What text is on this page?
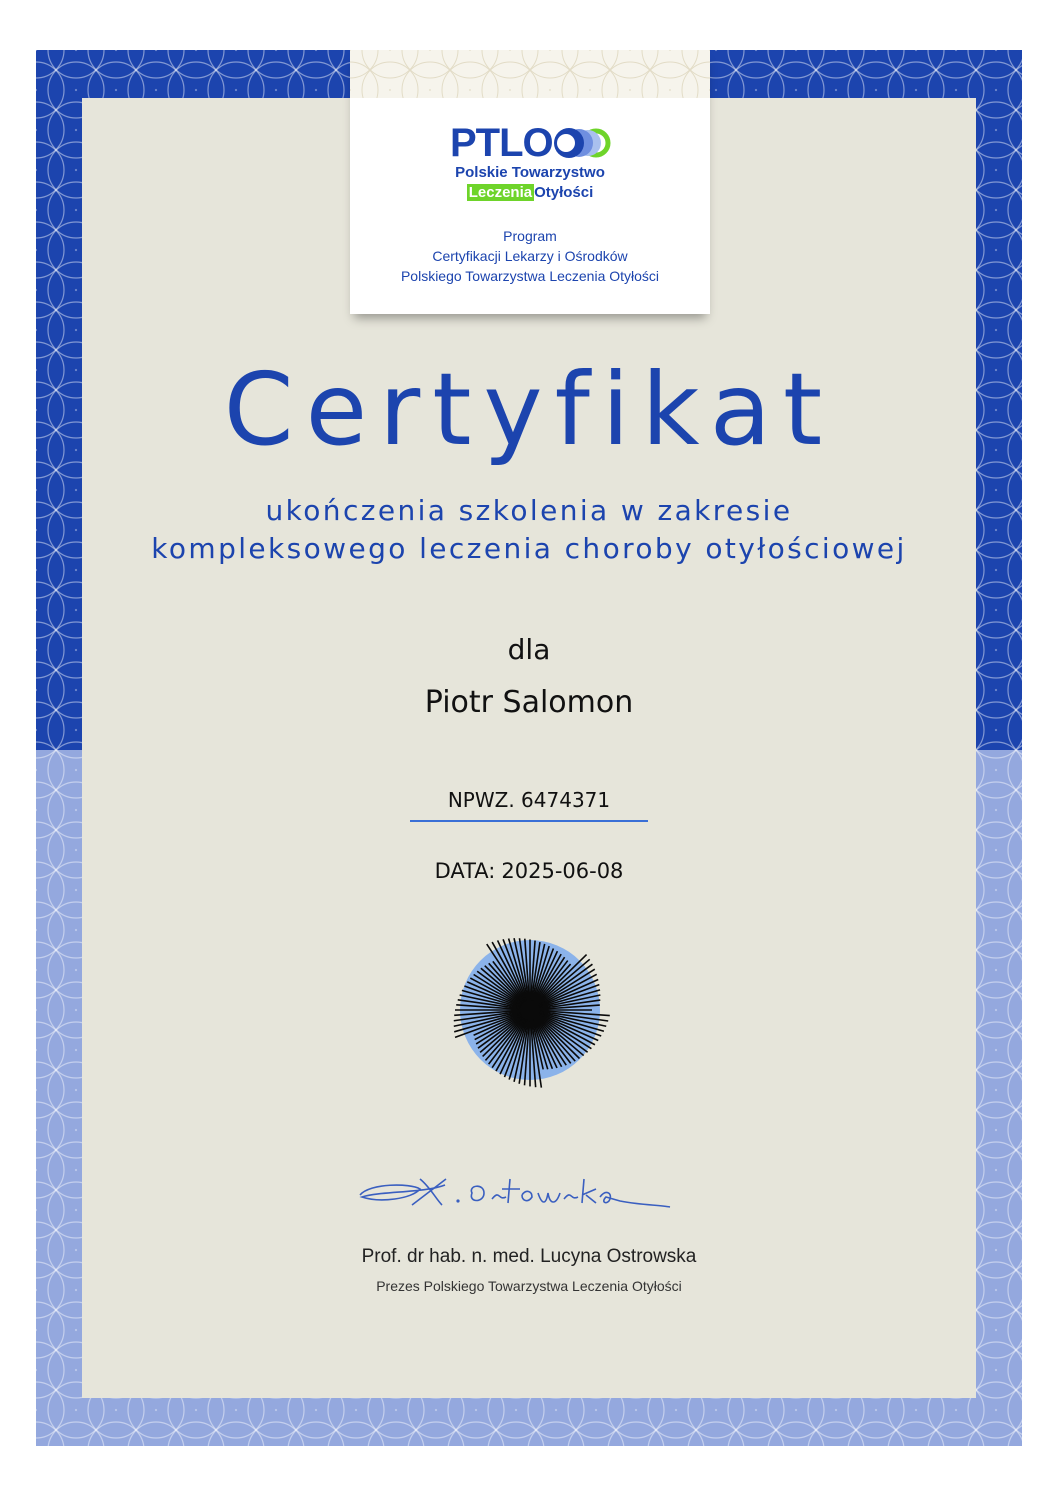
PTLO
Polskie Towarzystwo
Leczenia Otyłości
Program
Certyfikacji Lekarzy i Ośrodków
Polskiego Towarzystwa Leczenia Otyłości
Certyfikat
ukończenia szkolenia w zakresie
kompleksowego leczenia choroby otyłościowej
dla
Piotr Salomon
NPWZ. 6474371
DATA: 2025-06-08
Prof. dr hab. n. med. Lucyna Ostrowska
Prezes Polskiego Towarzystwa Leczenia Otyłości
